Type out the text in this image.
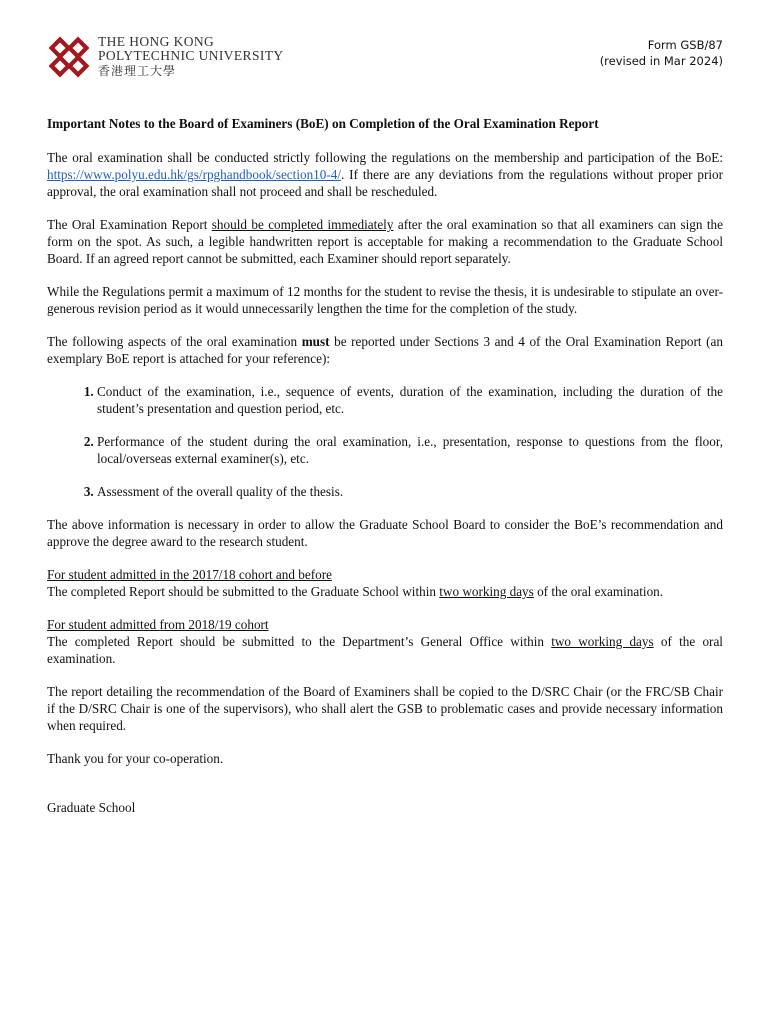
THE HONG KONG
POLYTECHNIC UNIVERSITY
香港理工大學
Form GSB/87
(revised in Mar 2024)
Important Notes to the Board of Examiners (BoE) on Completion of the Oral Examination Report

The oral examination shall be conducted strictly following the regulations on the membership and participation of the BoE: https://www.polyu.edu.hk/gs/rpghandbook/section10-4/. If there are any deviations from the regulations without proper prior approval, the oral examination shall not proceed and shall be rescheduled.

The Oral Examination Report should be completed immediately after the oral examination so that all examiners can sign the form on the spot. As such, a legible handwritten report is acceptable for making a recommendation to the Graduate School Board. If an agreed report cannot be submitted, each Examiner should report separately.

While the Regulations permit a maximum of 12 months for the student to revise the thesis, it is undesirable to stipulate an over-generous revision period as it would unnecessarily lengthen the time for the completion of the study.

The following aspects of the oral examination must be reported under Sections 3 and 4 of the Oral Examination Report (an exemplary BoE report is attached for your reference):

1. Conduct of the examination, i.e., sequence of events, duration of the examination, including the duration of the student’s presentation and question period, etc.
2. Performance of the student during the oral examination, i.e., presentation, response to questions from the floor, local/overseas external examiner(s), etc.
3. Assessment of the overall quality of the thesis.

The above information is necessary in order to allow the Graduate School Board to consider the BoE’s recommendation and approve the degree award to the research student.

For student admitted in the 2017/18 cohort and before
The completed Report should be submitted to the Graduate School within two working days of the oral examination.

For student admitted from 2018/19 cohort
The completed Report should be submitted to the Department’s General Office within two working days of the oral examination.

The report detailing the recommendation of the Board of Examiners shall be copied to the D/SRC Chair (or the FRC/SB Chair if the D/SRC Chair is one of the supervisors), who shall alert the GSB to problematic cases and provide necessary information when required.

Thank you for your co-operation.

Graduate School
